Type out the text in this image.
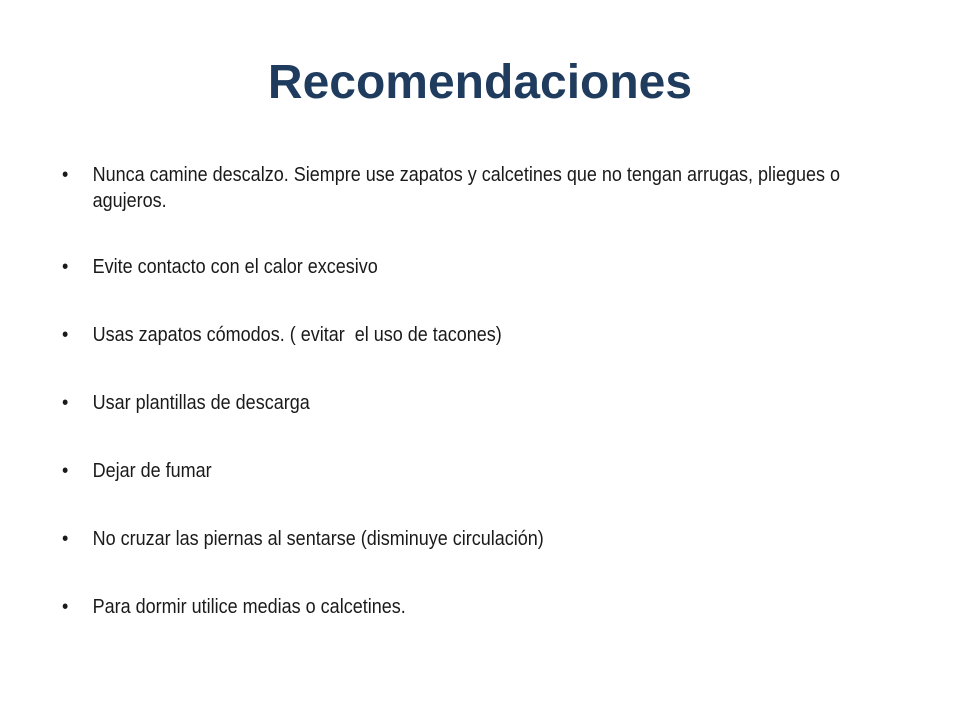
Recomendaciones
• Nunca camine descalzo. Siempre use zapatos y calcetines que no tengan arrugas, pliegues o agujeros.
• Evite contacto con el calor excesivo
• Usas zapatos cómodos. ( evitar  el uso de tacones)
• Usar plantillas de descarga
• Dejar de fumar
• No cruzar las piernas al sentarse (disminuye circulación)
• Para dormir utilice medias o calcetines.
